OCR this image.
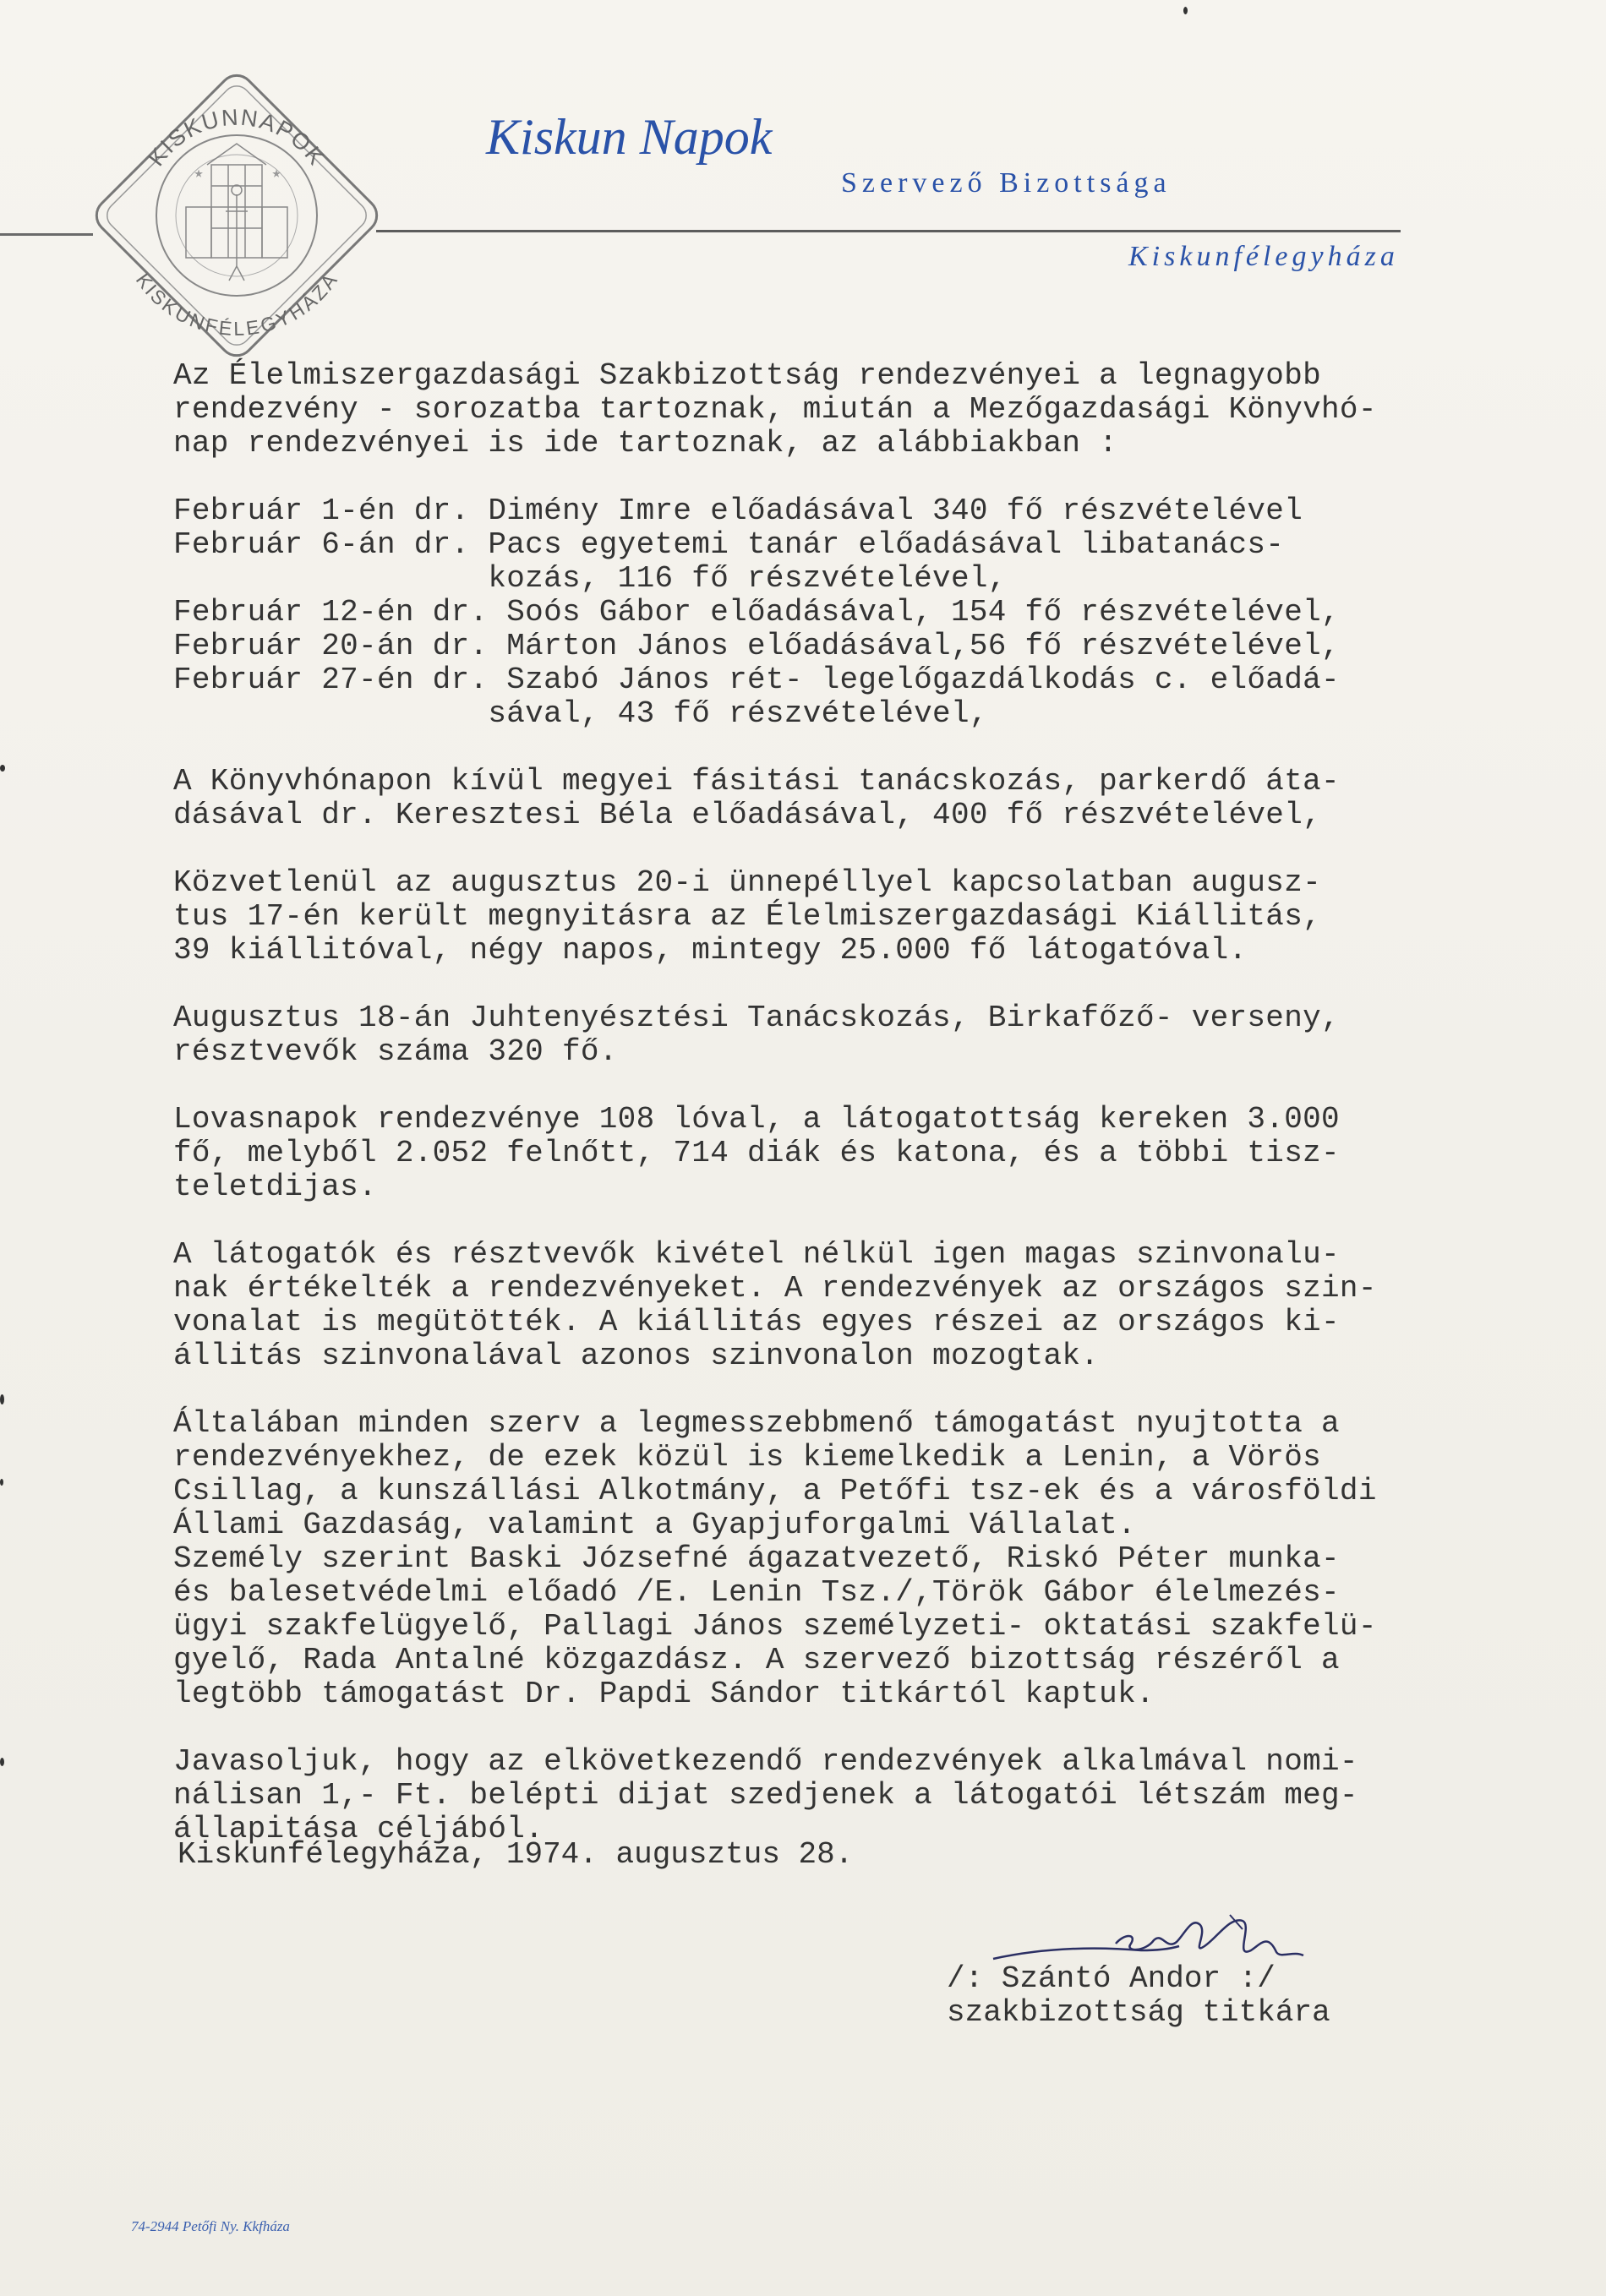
★	★
KISKUNNAPOK
KISKUNFÉLEGYHÁZA
Kiskun Napok
Szervező Bizottsága
Kiskunfélegyháza
Az Élelmiszergazdasági Szakbizottság rendezvényei a legnagyobb
rendezvény - sorozatba tartoznak, miután a Mezőgazdasági Könyvhó-
nap rendezvényei is ide tartoznak, az alábbiakban :
Február 1-én dr. Dimény Imre előadásával 340 fő részvételével
Február 6-án dr. Pacs egyetemi tanár előadásával libatanács-
kozás, 116 fő részvételével,
Február 12-én dr. Soós Gábor előadásával, 154 fő részvételével,
Február 20-án dr. Márton János előadásával,56 fő részvételével,
Február 27-én dr. Szabó János rét- legelőgazdálkodás c. előadá-
sával, 43 fő részvételével,
A Könyvhónapon kívül megyei fásitási tanácskozás, parkerdő áta-
dásával dr. Keresztesi Béla előadásával, 400 fő részvételével,
Közvetlenül az augusztus 20-i ünnepéllyel kapcsolatban augusz-
tus 17-én került megnyitásra az Élelmiszergazdasági Kiállitás,
39 kiállitóval, négy napos, mintegy 25.000 fő látogatóval.
Augusztus 18-án Juhtenyésztési Tanácskozás, Birkafőző- verseny,
résztvevők száma 320 fő.
Lovasnapok rendezvénye 108 lóval, a látogatottság kereken 3.000
fő, melyből 2.052 felnőtt, 714 diák és katona, és a többi tisz-
teletdijas.
A látogatók és résztvevők kivétel nélkül igen magas szinvonalu-
nak értékelték a rendezvényeket. A rendezvények az országos szin-
vonalat is megütötték. A kiállitás egyes részei az országos ki-
állitás szinvonalával azonos szinvonalon mozogtak.
Általában minden szerv a legmesszebbmenő támogatást nyujtotta a
rendezvényekhez, de ezek közül is kiemelkedik a Lenin, a Vörös
Csillag, a kunszállási Alkotmány, a Petőfi tsz-ek és a városföldi
Állami Gazdaság, valamint a Gyapjuforgalmi Vállalat.
Személy szerint Baski Józsefné ágazatvezető, Riskó Péter munka-
és balesetvédelmi előadó /E. Lenin Tsz./,Török Gábor élelmezés-
ügyi szakfelügyelő, Pallagi János személyzeti- oktatási szakfelü-
gyelő, Rada Antalné közgazdász. A szervező bizottság részéről a
legtöbb támogatást Dr. Papdi Sándor titkártól kaptuk.
Javasoljuk, hogy az elkövetkezendő rendezvények alkalmával nomi-
nálisan 1,- Ft. belépti dijat szedjenek a látogatói létszám meg-
állapitása céljából.
Kiskunfélegyháza, 1974. augusztus 28.
/: Szántó Andor :/
szakbizottság titkára
74-2944 Petőfi Ny. Kkfháza
